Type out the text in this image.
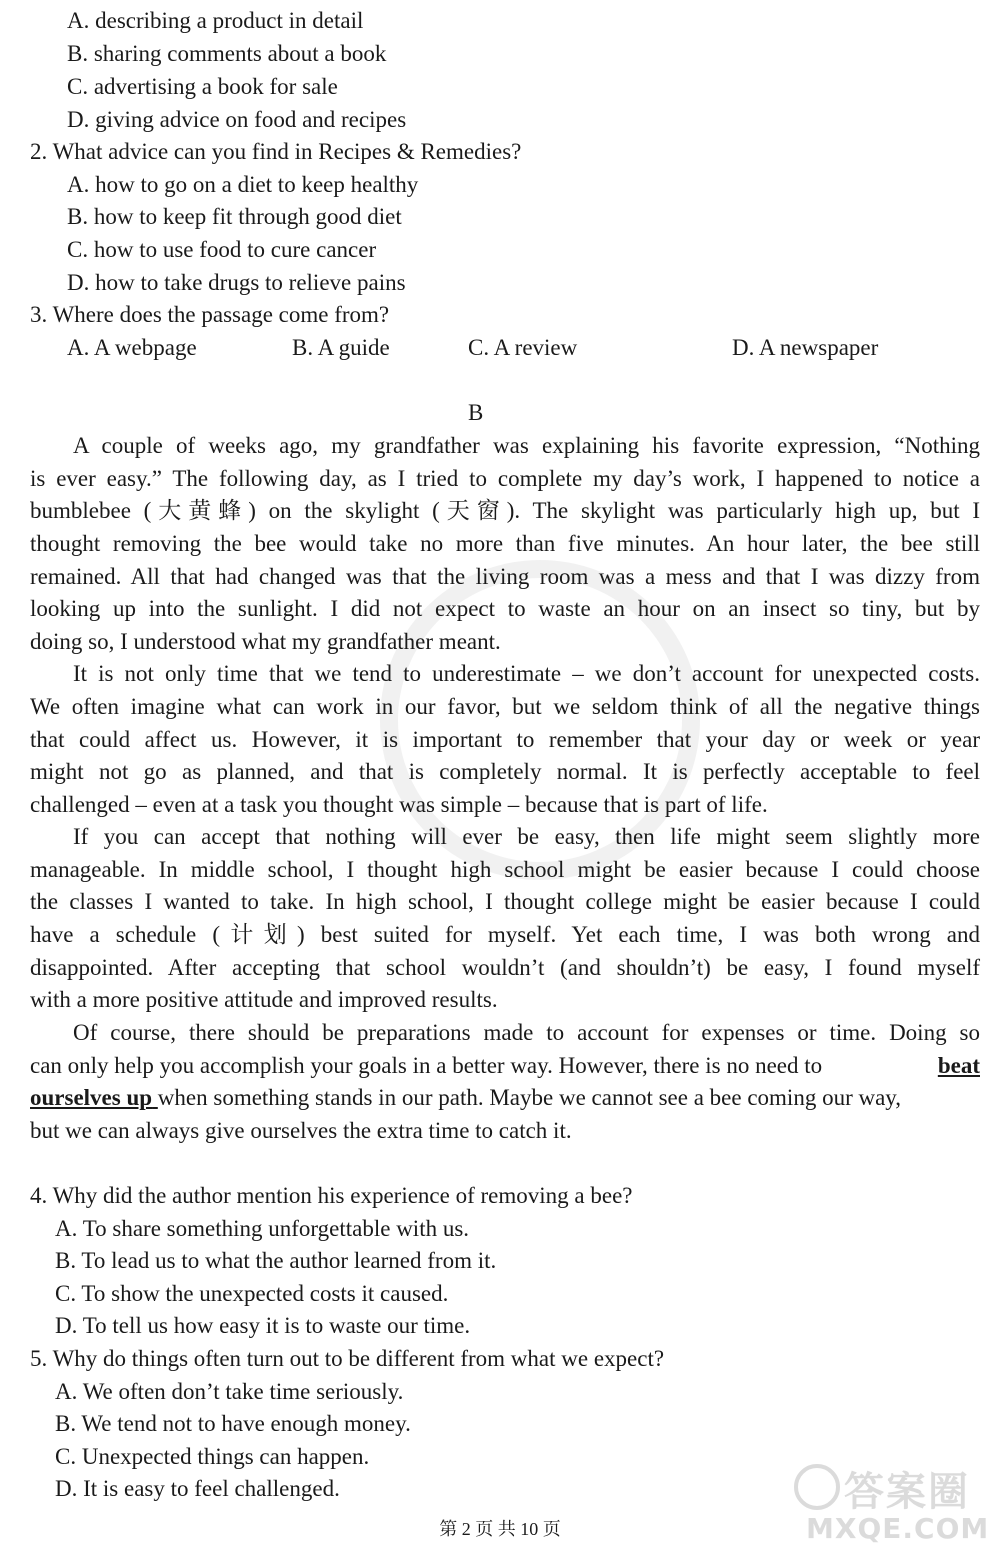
A. describing a product in detail
B. sharing comments about a book
C. advertising a book for sale
D. giving advice on food and recipes
2. What advice can you find in Recipes & Remedies?
A. how to go on a diet to keep healthy
B. how to keep fit through good diet
C. how to use food to cure cancer
D. how to take drugs to relieve pains
3. Where does the passage come from?
A. A webpage	B. A guide	C. A review	D. A newspaper
B
A couple of weeks ago, my grandfather was explaining his favorite expression, “Nothing
is ever easy.” The following day, as I tried to complete my day’s work, I happened to notice a
bumblebee (大黄蜂) on the skylight (天窗). The skylight was particularly high up, but I
thought removing the bee would take no more than five minutes. An hour later, the bee still
remained. All that had changed was that the living room was a mess and that I was dizzy from
looking up into the sunlight. I did not expect to waste an hour on an insect so tiny, but by
doing so, I understood what my grandfather meant.
It is not only time that we tend to underestimate – we don’t account for unexpected costs.
We often imagine what can work in our favor, but we seldom think of all the negative things
that could affect us. However, it is important to remember that your day or week or year
might not go as planned, and that is completely normal. It is perfectly acceptable to feel
challenged – even at a task you thought was simple – because that is part of life.
If you can accept that nothing will ever be easy, then life might seem slightly more
manageable. In middle school, I thought high school might be easier because I could choose
the classes I wanted to take. In high school, I thought college might be easier because I could
have a schedule (计划) best suited for myself. Yet each time, I was both wrong and
disappointed. After accepting that school wouldn’t (and shouldn’t) be easy, I found myself
with a more positive attitude and improved results.
Of course, there should be preparations made to account for expenses or time. Doing so
can only help you accomplish your goals in a better way. However, there is no need to	beat
ourselves up when something stands in our path. Maybe we cannot see a bee coming our way,
but we can always give ourselves the extra time to catch it.
4. Why did the author mention his experience of removing a bee?
A. To share something unforgettable with us.
B. To lead us to what the author learned from it.
C. To show the unexpected costs it caused.
D. To tell us how easy it is to waste our time.
5. Why do things often turn out to be different from what we expect?
A. We often don’t take time seriously.
B. We tend not to have enough money.
C. Unexpected things can happen.
D. It is easy to feel challenged.
第 2 页 共 10 页
答案圈
MXQE.COM
